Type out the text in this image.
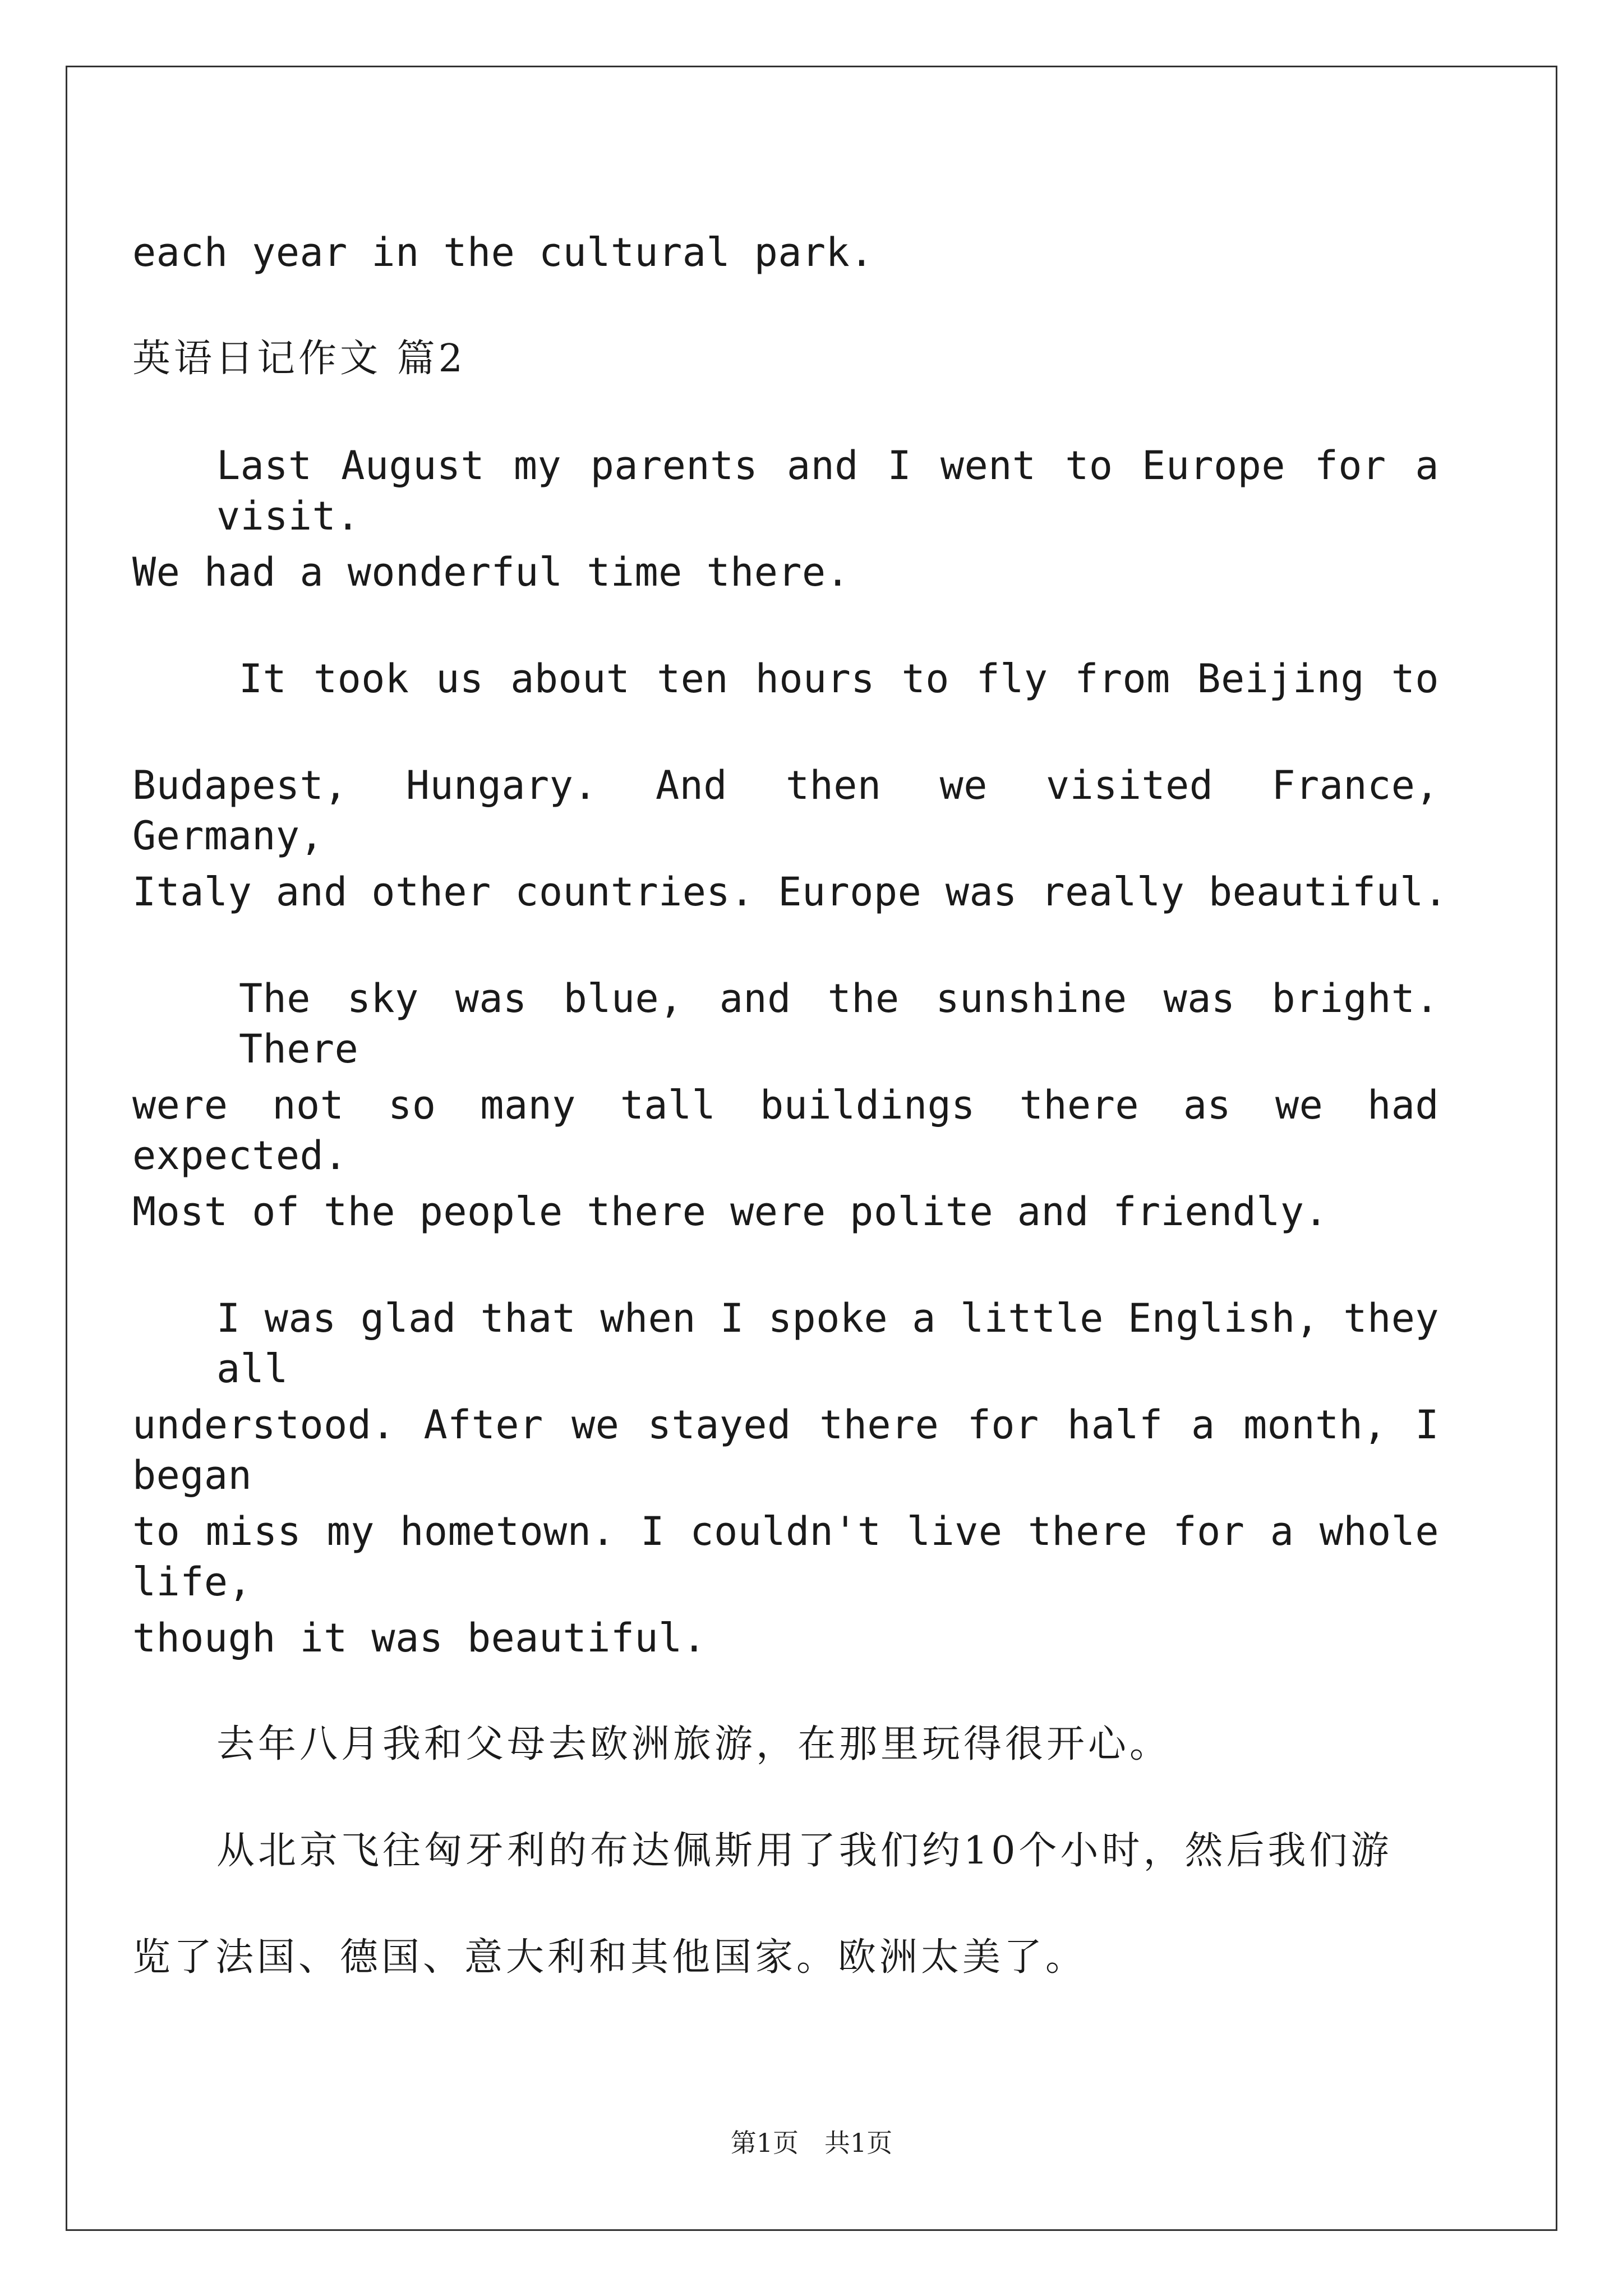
each year in the cultural park.
英语日记作文 篇2
Last August my parents and I went to Europe for a visit.
We had a wonderful time there.
It took us about ten hours to fly from Beijing to
Budapest, Hungary. And then we visited France, Germany,
Italy and other countries. Europe was really beautiful.
The sky was blue, and the sunshine was bright. There
were not so many tall buildings there as we had expected.
Most of the people there were polite and friendly.
I was glad that when I spoke a little English, they all
understood. After we stayed there for half a month, I began
to miss my hometown. I couldn't live there for a whole life,
though it was beautiful.
去年八月我和父母去欧洲旅游，在那里玩得很开心。
从北京飞往匈牙利的布达佩斯用了我们约10个小时，然后我们游
览了法国、德国、意大利和其他国家。欧洲太美了。
第1页　共1页
